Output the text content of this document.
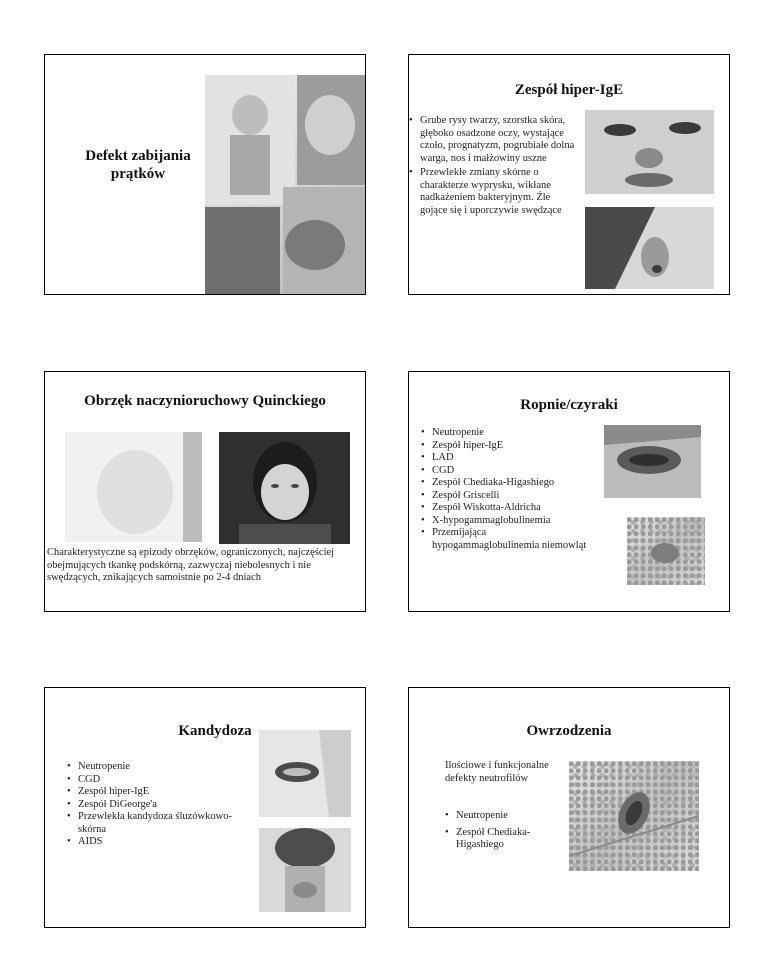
Defekt zabijania prątków
Zespół hiper-IgE
• Grube rysy twarzy, szorstka skóra, głęboko osadzone oczy, wystające czoło, prognatyzm, pogrubiałe dolna warga, nos i małżowiny uszne
• Przewlekłe zmiany skórne o charakterze wyprysku, wikłane nadkażeniem bakteryjnym. Źle gojące się i uporczywie swędzące
Obrzęk naczynioruchowy Quinckiego
Charakterystyczne są epizody obrzęków, ograniczonych, najczęściej obejmujących tkankę podskórną, zazwyczaj niebolesnych i nie swędzących, znikających samoistnie po 2-4 dniach
Ropnie/czyraki
• Neutropenie
• Zespół hiper-IgE
• LAD
• CGD
• Zespół Chediaka-Higashiego
• Zespół Griscelli
• Zespół Wiskotta-Aldricha
• X-hypogammaglobulinemia
• Przemijająca hypogammaglobulinemia niemowląt
Kandydoza
• Neutropenie
• CGD
• Zespół hiper-IgE
• Zespół DiGeorge'a
• Przewlekła kandydoza śluzówkowo-skórna
• AIDS
Owrzodzenia
Ilościowe i funkcjonalne defekty neutrofilów
• Neutropenie
• Zespół Chediaka-Higashiego
